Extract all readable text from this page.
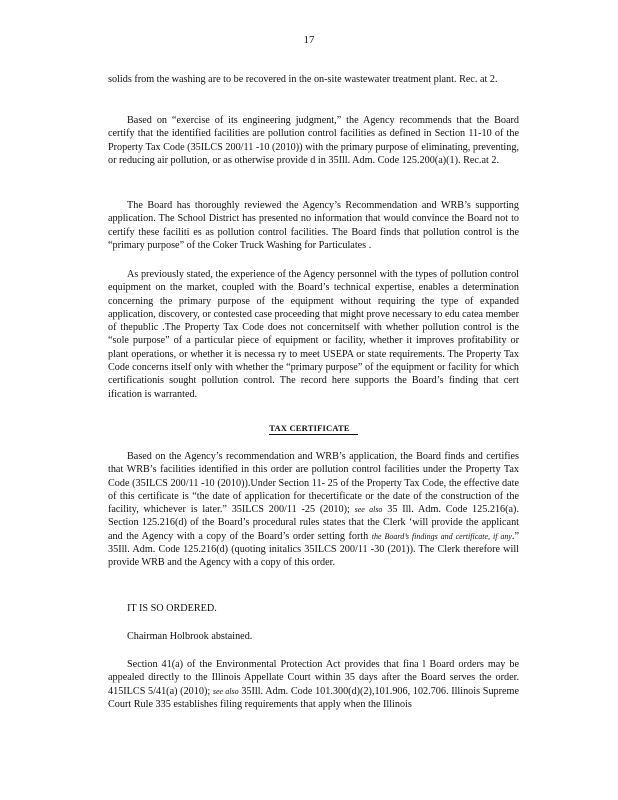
17
solids from the washing are to be recovered in the on-site wastewater treatment plant. Rec. at 2.
Based on “exercise of its engineering judgment,” the Agency recommends that the Board certify that the identified facilities are pollution control facilities as defined in Section 11-10 of the Property Tax Code (35ILCS 200/11 -10 (2010)) with the primary purpose of eliminating, preventing, or reducing air pollution, or as otherwise provide d in 35Ill. Adm. Code 125.200(a)(1). Rec.at 2.
The Board has thoroughly reviewed the Agency’s Recommendation and WRB’s supporting application. The School District has presented no information that would convince the Board not to certify these faciliti es as pollution control facilities. The Board finds that pollution control is the “primary purpose” of the Coker Truck Washing for Particulates .
As previously stated, the experience of the Agency personnel with the types of pollution control equipment on the market, coupled with the Board’s technical expertise, enables a determination concerning the primary purpose of the equipment without requiring the type of expanded application, discovery, or contested case proceeding that might prove necessary to edu catea member of thepublic .The Property Tax Code does not concernitself with whether pollution control is the “sole purpose” of a particular piece of equipment or facility, whether it improves profitability or plant operations, or whether it is necessa ry to meet USEPA or state requirements. The Property Tax Code concerns itself only with whether the “primary purpose” of the equipment or facility for which certificationis sought pollution control. The record here supports the Board’s finding that cert ification is warranted.
TAX CERTIFICATE
Based on the Agency’s recommendation and WRB’s application, the Board finds and certifies that WRB’s facilities identified in this order are pollution control facilities under the Property Tax Code (35ILCS 200/11 -10 (2010)).Under Section 11- 25 of the Property Tax Code, the effective date of this certificate is “the date of application for thecertificate or the date of the construction of the facility, whichever is later.” 35ILCS 200/11 -25 (2010); see also 35 Ill. Adm. Code 125.216(a). Section 125.216(d) of the Board’s procedural rules states that the Clerk ‘will provide the applicant and the Agency with a copy of the Board’s order setting forth the Board’s findings and certificate, if any.” 35Ill. Adm. Code 125.216(d) (quoting initalics 35ILCS 200/11 -30 (201)). The Clerk therefore will provide WRB and the Agency with a copy of this order.
IT IS SO ORDERED.
Chairman Holbrook abstained.
Section 41(a) of the Environmental Protection Act provides that fina l Board orders may be appealed directly to the Illinois Appellate Court within 35 days after the Board serves the order. 415ILCS 5/41(a) (2010); see also 35Ill. Adm. Code 101.300(d)(2),101.906, 102.706. Illinois Supreme Court Rule 335 establishes filing requirements that apply when the Illinois
